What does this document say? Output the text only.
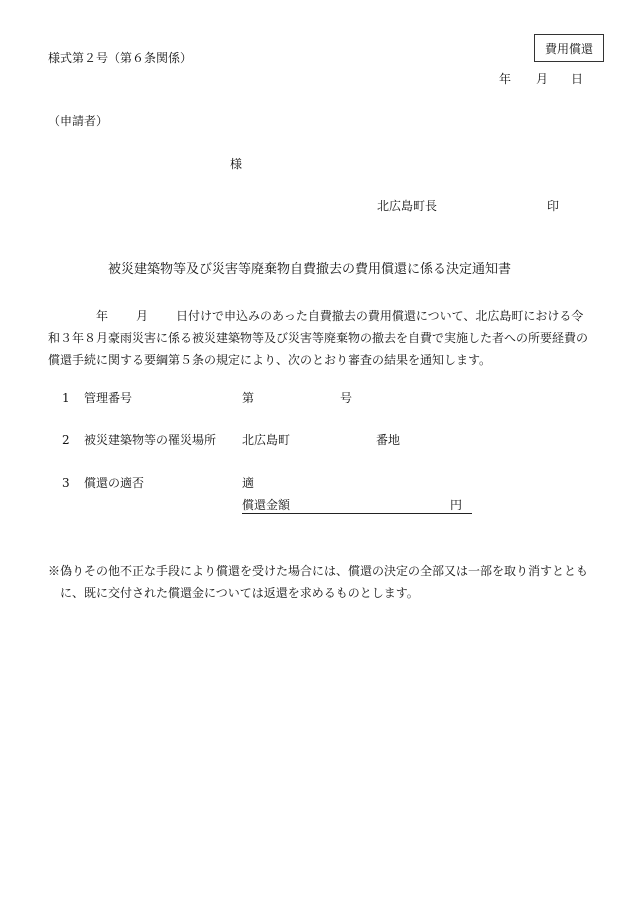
様式第２号（第６条関係）
費用償還
年 月 日
（申請者）
様
北広島町長	印
被災建築物等及び災害等廃棄物自費撤去の費用償還に係る決定通知書
年 月 日付けで申込みのあった自費撤去の費用償還について、北広島町における令和３年８月豪雨災害に係る被災建築物等及び災害等廃棄物の撤去を自費で実施した者への所要経費の償還手続に関する要綱第５条の規定により、次のとおり審査の結果を通知します。
1 管理番号	第	号
2 被災建築物等の罹災場所 北広島町	番地
3 償還の適否	適
償還金額	円
※偽りその他不正な手段により償還を受けた場合には、償還の決定の全部又は一部を取り消すとともに、既に交付された償還金については返還を求めるものとします。
